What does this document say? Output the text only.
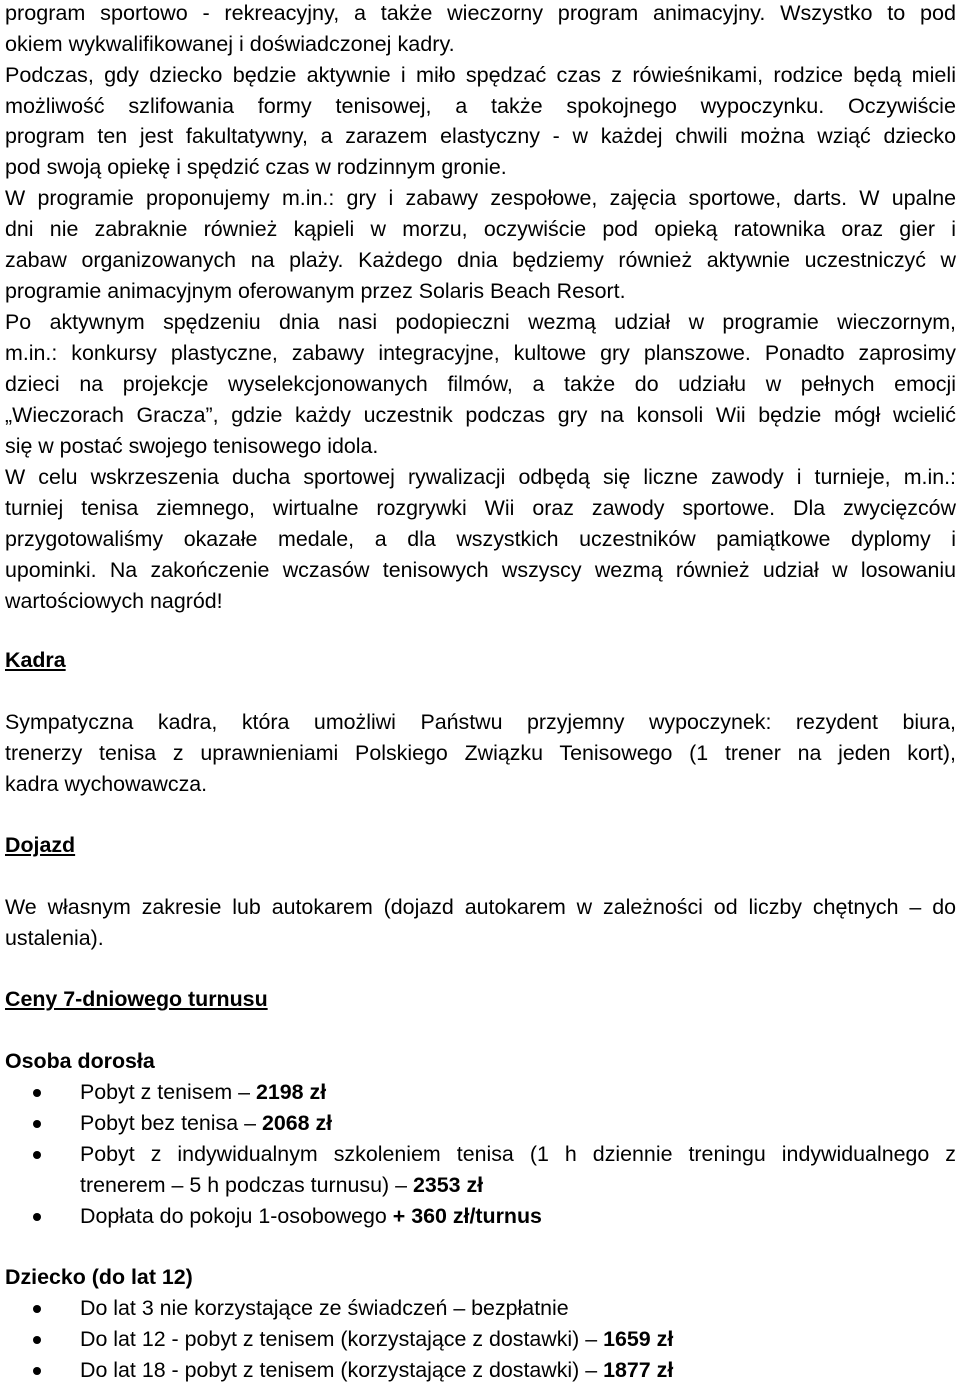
program sportowo - rekreacyjny, a także wieczorny program animacyjny. Wszystko to pod
okiem wykwalifikowanej i doświadczonej kadry.
Podczas, gdy dziecko będzie aktywnie i miło spędzać czas z rówieśnikami, rodzice będą mieli
możliwość szlifowania formy tenisowej, a także spokojnego wypoczynku. Oczywiście
program ten jest fakultatywny, a zarazem elastyczny - w każdej chwili można wziąć dziecko
pod swoją opiekę i spędzić czas w rodzinnym gronie.
W programie proponujemy m.in.: gry i zabawy zespołowe, zajęcia sportowe, darts. W upalne
dni nie zabraknie również kąpieli w morzu, oczywiście pod opieką ratownika oraz gier i
zabaw organizowanych na plaży. Każdego dnia będziemy również aktywnie uczestniczyć w
programie animacyjnym oferowanym przez Solaris Beach Resort.
Po aktywnym spędzeniu dnia nasi podopieczni wezmą udział w programie wieczornym,
m.in.: konkursy plastyczne, zabawy integracyjne, kultowe gry planszowe. Ponadto zaprosimy
dzieci na projekcje wyselekcjonowanych filmów, a także do udziału w pełnych emocji
„Wieczorach Gracza”, gdzie każdy uczestnik podczas gry na konsoli Wii będzie mógł wcielić
się w postać swojego tenisowego idola.
W celu wskrzeszenia ducha sportowej rywalizacji odbędą się liczne zawody i turnieje, m.in.:
turniej tenisa ziemnego, wirtualne rozgrywki Wii oraz zawody sportowe. Dla zwycięzców
przygotowaliśmy okazałe medale, a dla wszystkich uczestników pamiątkowe dyplomy i
upominki. Na zakończenie wczasów tenisowych wszyscy wezmą również udział w losowaniu
wartościowych nagród!
Kadra
Sympatyczna kadra, która umożliwi Państwu przyjemny wypoczynek: rezydent biura,
trenerzy tenisa z uprawnieniami Polskiego Związku Tenisowego (1 trener na jeden kort),
kadra wychowawcza.
Dojazd
We własnym zakresie lub autokarem (dojazd autokarem w zależności od liczby chętnych – do
ustalenia).
Ceny 7-dniowego turnusu
Osoba dorosła
Pobyt z tenisem – 2198 zł
Pobyt bez tenisa – 2068 zł
Pobyt z indywidualnym szkoleniem tenisa (1 h dziennie treningu indywidualnego z
trenerem – 5 h podczas turnusu) – 2353 zł
Dopłata do pokoju 1-osobowego + 360 zł/turnus
Dziecko (do lat 12)
Do lat 3 nie korzystające ze świadczeń – bezpłatnie
Do lat 12 - pobyt z tenisem (korzystające z dostawki) – 1659 zł
Do lat 18 - pobyt z tenisem (korzystające z dostawki) – 1877 zł
